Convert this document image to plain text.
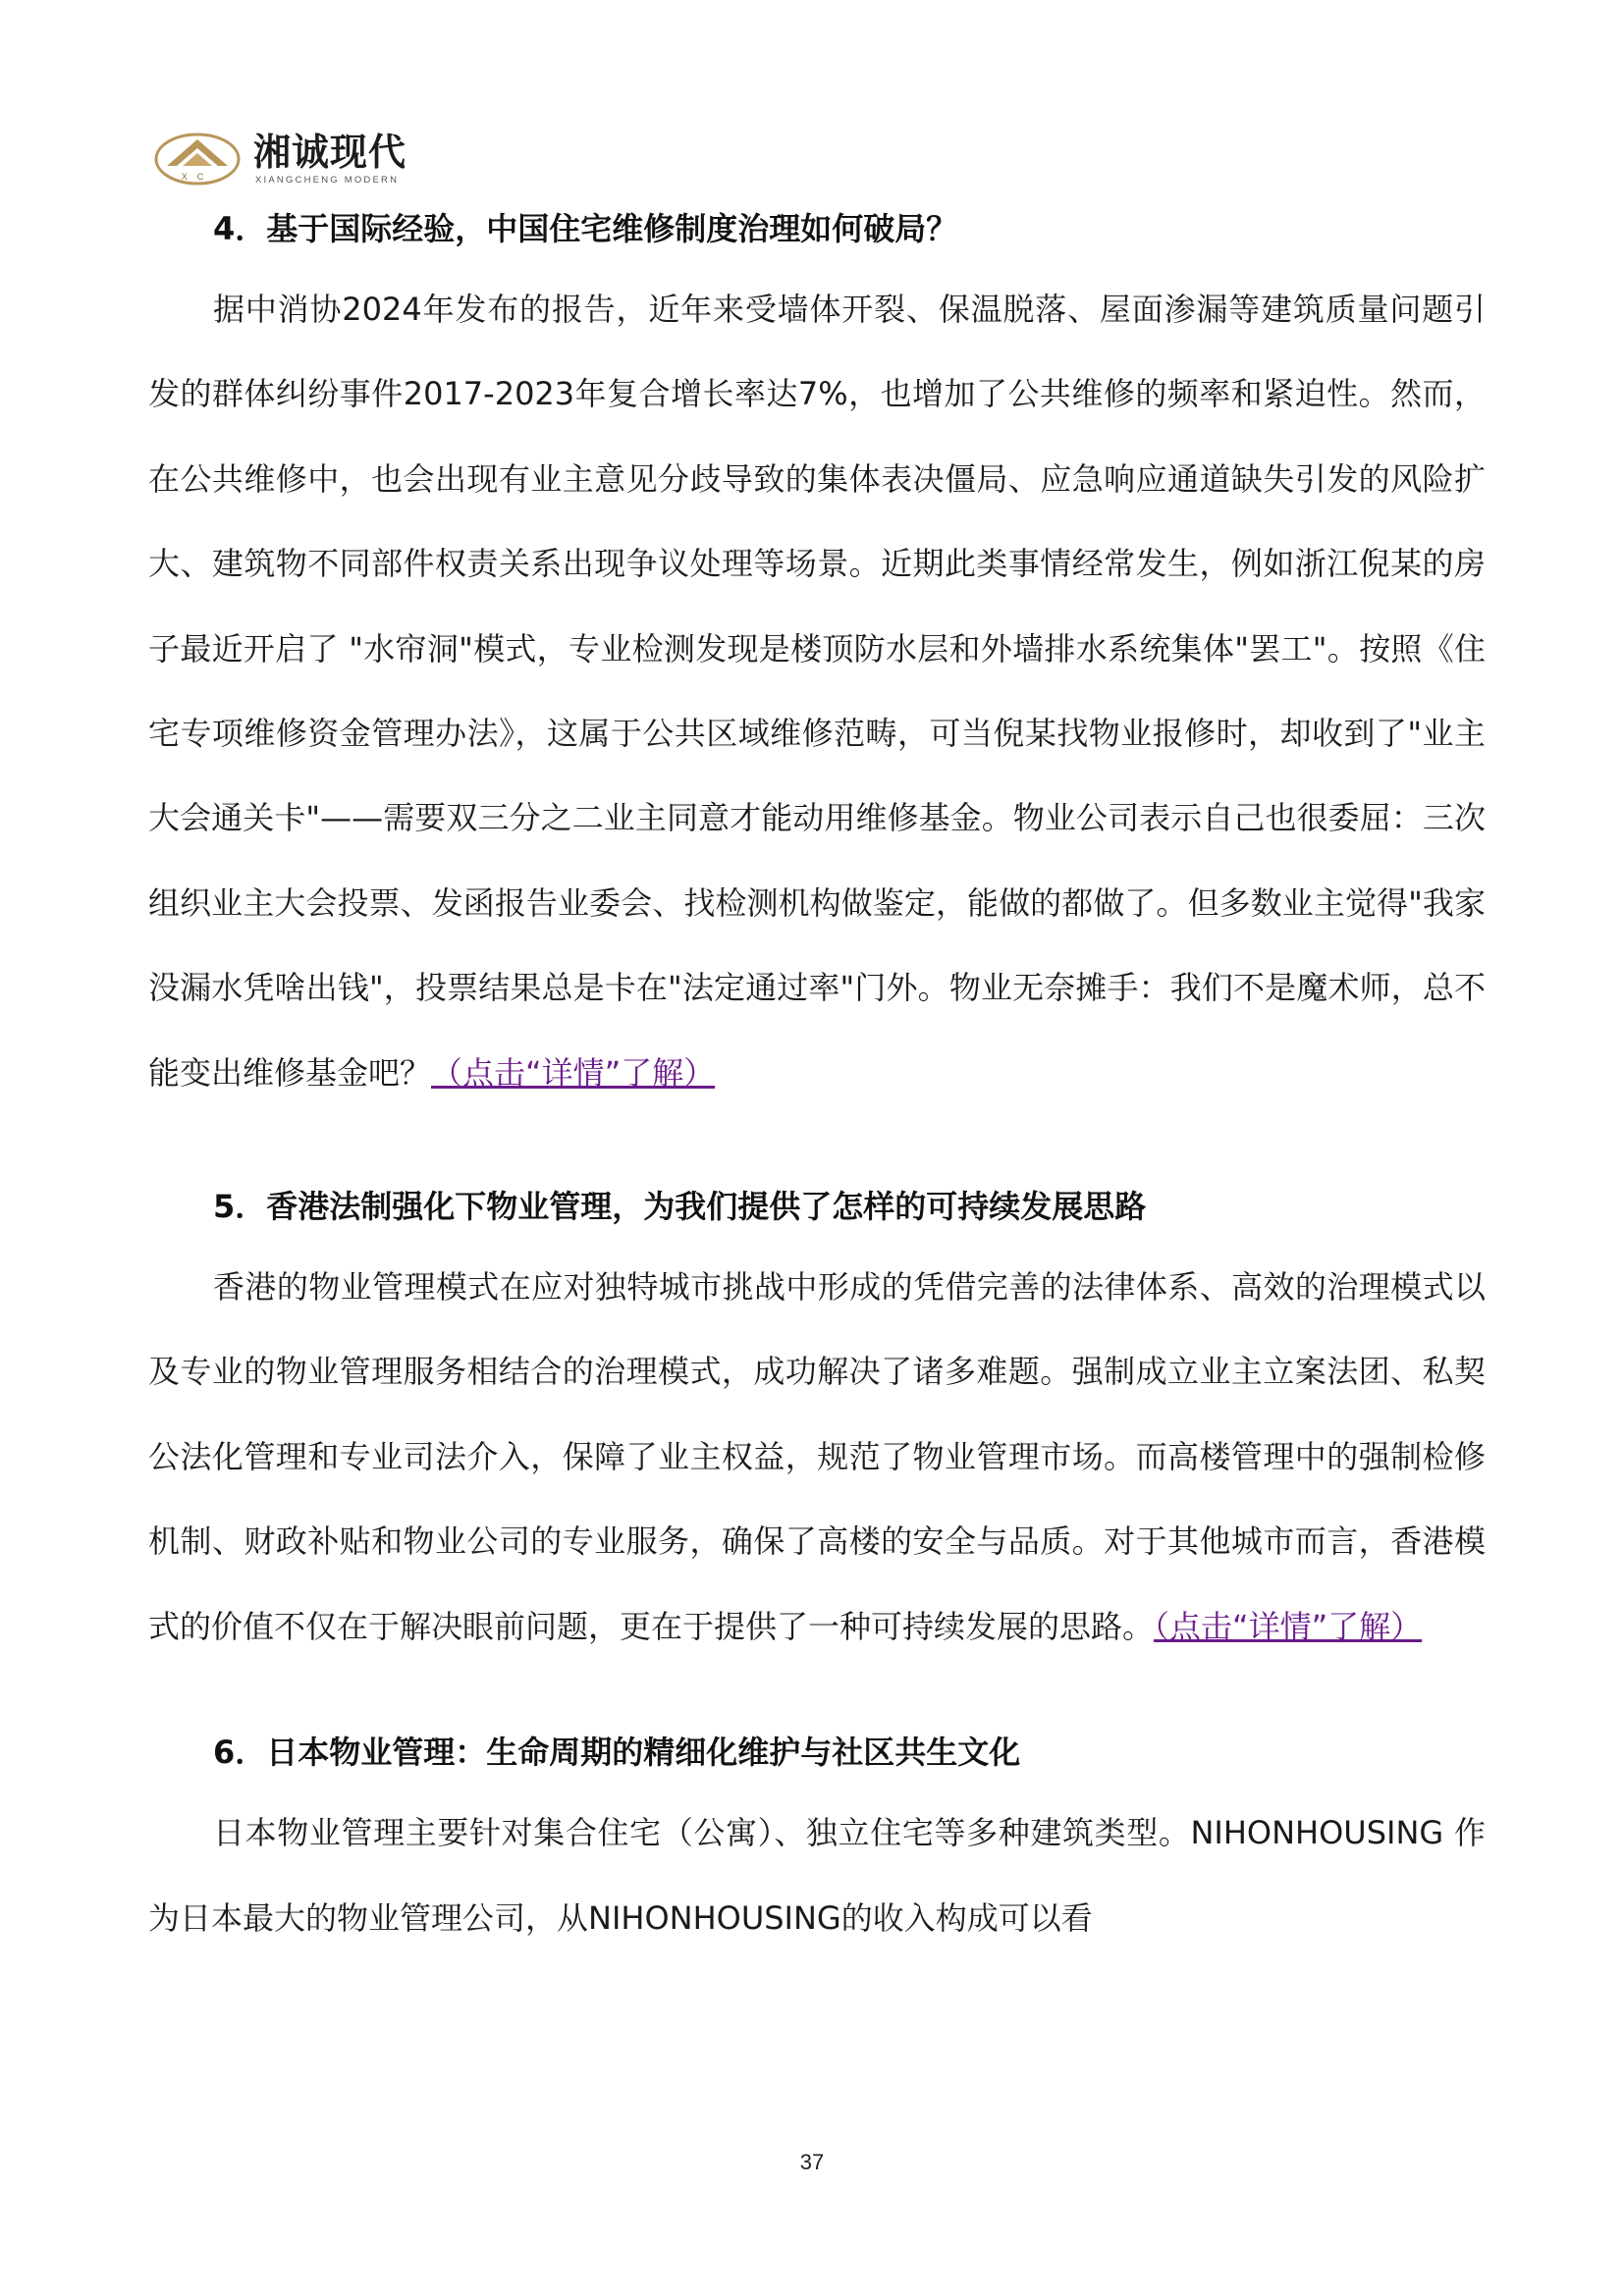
XC
湘诚现代
XIANGCHENG MODERN
4．基于国际经验，中国住宅维修制度治理如何破局？

据中消协2024年发布的报告，近年来受墙体开裂、保温脱落、屋面渗漏等建筑质量问题引发的群体纠纷事件2017-2023年复合增长率达7%，也增加了公共维修的频率和紧迫性。然而，在公共维修中，也会出现有业主意见分歧导致的集体表决僵局、应急响应通道缺失引发的风险扩大、建筑物不同部件权责关系出现争议处理等场景。近期此类事情经常发生，例如浙江倪某的房子最近开启了 "水帘洞"模式，专业检测发现是楼顶防水层和外墙排水系统集体"罢工"。按照《住宅专项维修资金管理办法》，这属于公共区域维修范畴，可当倪某找物业报修时，却收到了"业主大会通关卡"——需要双三分之二业主同意才能动用维修基金。物业公司表示自己也很委屈：三次组织业主大会投票、发函报告业委会、找检测机构做鉴定，能做的都做了。但多数业主觉得"我家没漏水凭啥出钱"，投票结果总是卡在"法定通过率"门外。物业无奈摊手：我们不是魔术师，总不能变出维修基金吧？（点击“详情”了解）

5．香港法制强化下物业管理，为我们提供了怎样的可持续发展思路

香港的物业管理模式在应对独特城市挑战中形成的凭借完善的法律体系、高效的治理模式以及专业的物业管理服务相结合的治理模式，成功解决了诸多难题。强制成立业主立案法团、私契公法化管理和专业司法介入，保障了业主权益，规范了物业管理市场。而高楼管理中的强制检修机制、财政补贴和物业公司的专业服务，确保了高楼的安全与品质。对于其他城市而言，香港模式的价值不仅在于解决眼前问题，更在于提供了一种可持续发展的思路。（点击“详情”了解）

6．日本物业管理：生命周期的精细化维护与社区共生文化

日本物业管理主要针对集合住宅（公寓）、独立住宅等多种建筑类型。NIHONHOUSING 作为日本最大的物业管理公司，从NIHONHOUSING的收入构成可以看

37
